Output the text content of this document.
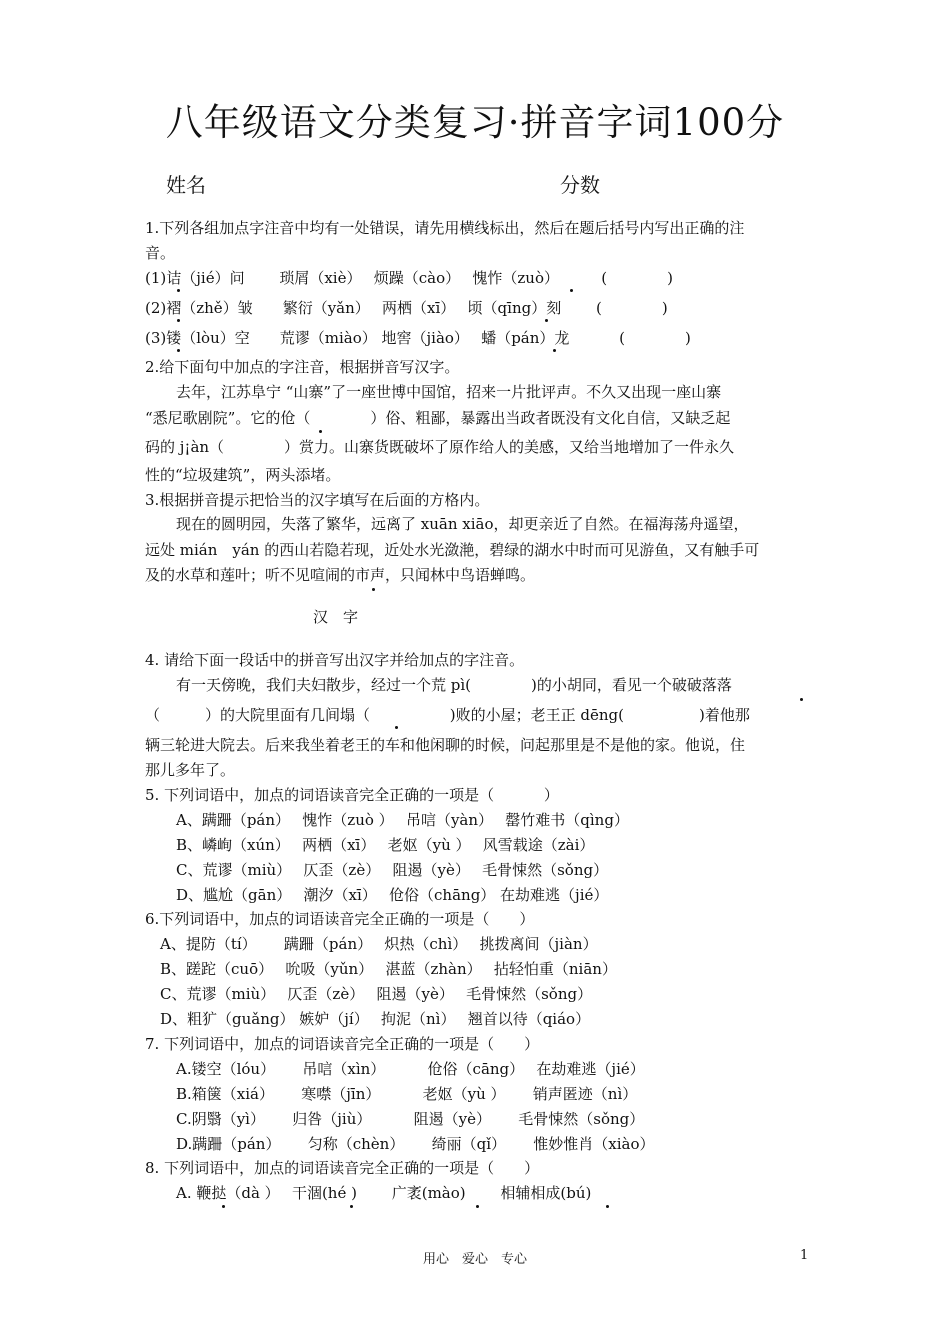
八年级语文分类复习·拼音字词100分
姓名	分数
1.下列各组加点字注音中均有一处错误，请先用横线标出，然后在题后括号内写出正确的注
音。
(1)诘（jié）问　　 琐屑（xiè）　 烦躁（cào）　 愧怍（zuò）　　　 (　　　　)
(2)褶（zhě）皱　　繁衍（yǎn）　 两栖（xī）　 顷（qīng）刻　　 (　　　　)
(3)镂（lòu）空　　荒谬（miào） 地窖（jiào）　 蟠（pán）龙　　　 (　　　　)
2.给下面句中加点的字注音，根据拼音写汉字。
去年，江苏阜宁 “山寨”了一座世博中国馆，招来一片批评声。不久又出现一座山寨
“悉尼歌剧院”。它的伧（　　　　）俗、粗鄙，暴露出当政者既没有文化自信，又缺乏起
码的 j¡àn（　　　　）赏力。山寨货既破坏了原作给人的美感，又给当地增加了一件永久
性的“垃圾建筑”，两头添堵。
3.根据拼音提示把恰当的汉字填写在后面的方格内。
现在的圆明园，失落了繁华，远离了 xuān xiāo，却更亲近了自然。在福海荡舟遥望，
远处 mián　yán 的西山若隐若现，近处水光潋滟，碧绿的湖水中时而可见游鱼，又有触手可
及的水草和莲叶；听不见喧闹的市声，只闻林中鸟语蝉鸣。
汉　字
4. 请给下面一段话中的拼音写出汉字并给加点的字注音。
有一天傍晚，我们夫妇散步，经过一个荒 pì(　　　　)的小胡同，看见一个破破落落
（　　　）的大院里面有几间塌（　　　　　 )败的小屋；老王正 dēng(　　　　　)着他那
辆三轮进大院去。后来我坐着老王的车和他闲聊的时候，问起那里是不是他的家。他说，住
那儿多年了。
5. 下列词语中，加点的词语读音完全正确的一项是（　　　 ）
A、蹒跚（pán）　 愧怍（zuò ）　 吊唁（yàn）　 罄竹难书（qìng）
B、嶙峋（xún）　 两栖（xī）　 老妪（yù ）　 风雪载途（zài）
C、荒谬（miù）　 仄歪（zè）　 阻遏（yè）　 毛骨悚然（sǒng）
D、尴尬（gān）　 潮汐（xī）　 伧俗（chāng） 在劫难逃（jié）
6.下列词语中，加点的词语读音完全正确的一项是（　　）
A、提防（tí）　　 蹒跚（pán）　 炽热（chì）　 挑拨离间（jiàn）
B、蹉跎（cuō）　 吮吸（yǔn）　 湛蓝（zhàn）　 拈轻怕重（niān）
C、荒谬（miù）　 仄歪（zè）　 阻遏（yè）　 毛骨悚然（sǒng）
D、粗犷（guǎng） 嫉妒（jí）　 拘泥（nì）　 翘首以待（qiáo）
7. 下列词语中，加点的词语读音完全正确的一项是（　　）
A.镂空（lóu）　　 吊唁（xìn）　　　 伧俗（cāng）　 在劫难逃（jié）
B.箱箧（xiá）　　 寒噤（jīn）　　　 老妪（yù ）　　 销声匿迹（nì）
C.阴翳（yì）　　 归咎（jiù）　　　 阻遏（yè）　　 毛骨悚然（sǒng）
D.蹒跚（pán）　　 匀称（chèn）　　 绮丽（qǐ）　　 惟妙惟肖（xiào）
8. 下列词语中，加点的词语读音完全正确的一项是（　　）
A. 鞭挞（dà ）　 干涸(hé )　　 广袤(mào)　　 相辅相成(bú)
用心　爱心　专心	1
